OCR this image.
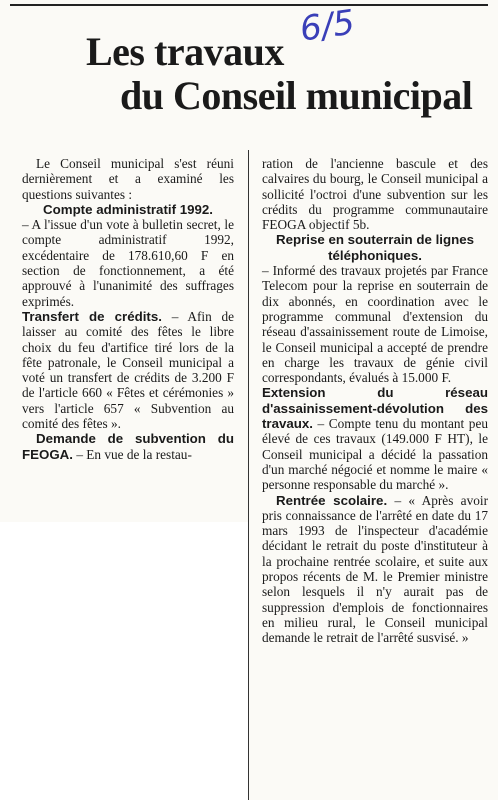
6/5
Les travaux
du Conseil municipal

Le Conseil municipal s'est réuni dernièrement et a examiné les questions suivantes :

Compte administratif 1992.
– A l'issue d'un vote à bulletin secret, le compte administratif 1992, excédentaire de 178.610,60 F en section de fonctionnement, a été approuvé à l'unanimité des suffrages exprimés.

Transfert de crédits. – Afin de laisser au comité des fêtes le libre choix du feu d'artifice tiré lors de la fête patronale, le Conseil municipal a voté un transfert de crédits de 3.200 F de l'article 660 « Fêtes et cérémonies » vers l'article 657 « Subvention au comité des fêtes ».

Demande de subvention du FEOGA. – En vue de la restau-

ration de l'ancienne bascule et des calvaires du bourg, le Conseil municipal a sollicité l'octroi d'une subvention sur les crédits du programme communautaire FEOGA objectif 5b.

Reprise en souterrain de lignes téléphoniques.
– Informé des travaux projetés par France Telecom pour la reprise en souterrain de dix abonnés, en coordination avec le programme communal d'extension du réseau d'assainissement route de Limoise, le Conseil municipal a accepté de prendre en charge les travaux de génie civil correspondants, évalués à 15.000 F.

Extension du réseau d'assainissement-dévolution des travaux. – Compte tenu du montant peu élevé de ces travaux (149.000 F HT), le Conseil municipal a décidé la passation d'un marché négocié et nomme le maire « personne responsable du marché ».

Rentrée scolaire. – « Après avoir pris connaissance de l'arrêté en date du 17 mars 1993 de l'inspecteur d'académie décidant le retrait du poste d'instituteur à la prochaine rentrée scolaire, et suite aux propos récents de M. le Premier ministre selon lesquels il n'y aurait pas de suppression d'emplois de fonctionnaires en milieu rural, le Conseil municipal demande le retrait de l'arrêté susvisé. »
